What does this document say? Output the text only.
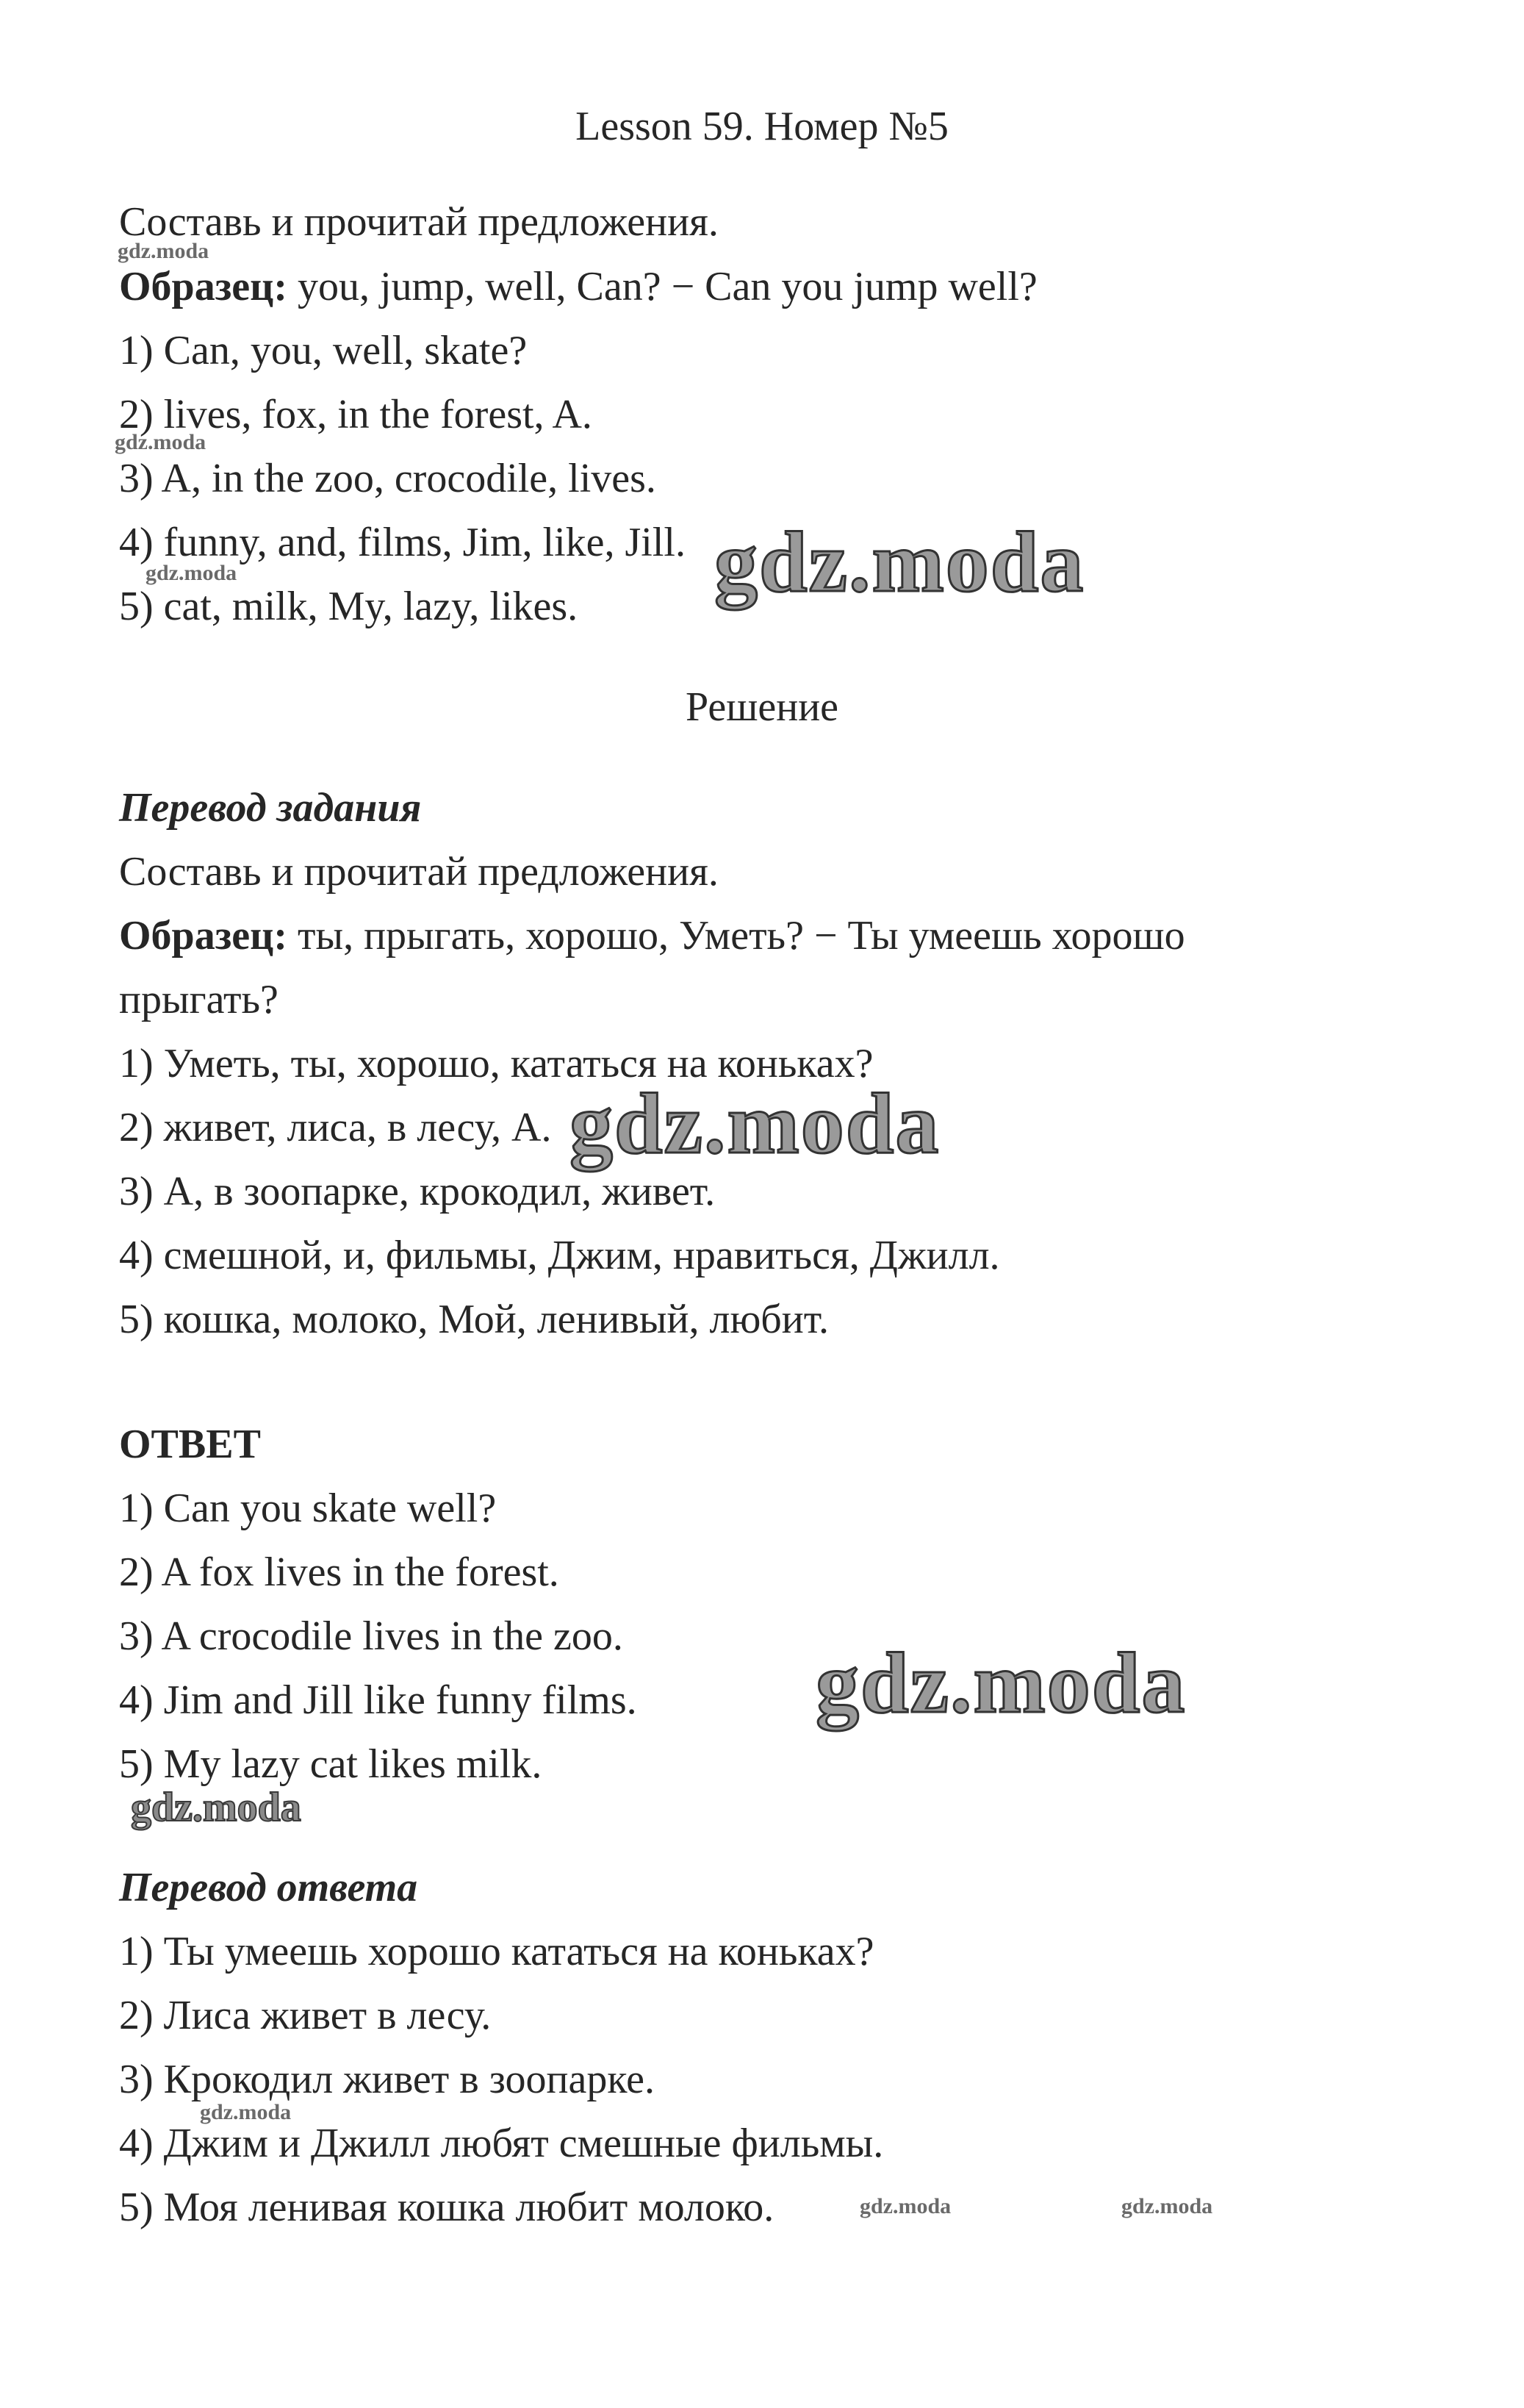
Lesson 59. Номер №5

Составь и прочитай предложения.

Образец: you, jump, well, Can? − Can you jump well?

1) Can, you, well, skate?

2) lives, fox, in the forest, A.

3) A, in the zoo, crocodile, lives.

4) funny, and, films, Jim, like, Jill.

5) cat, milk, My, lazy, likes.

Решение

Перевод задания

Составь и прочитай предложения.

Образец: ты, прыгать, хорошо, Уметь? − Ты умеешь хорошо

прыгать?

1) Уметь, ты, хорошо, кататься на коньках?

2) живет, лиса, в лесу, А.

3) А, в зоопарке, крокодил, живет.

4) смешной, и, фильмы, Джим, нравиться, Джилл.

5) кошка, молоко, Мой, ленивый, любит.

ОТВЕТ

1) Can you skate well?

2) A fox lives in the forest.

3) A crocodile lives in the zoo.

4) Jim and Jill like funny films.

5) My lazy cat likes milk.

Перевод ответа

1) Ты умеешь хорошо кататься на коньках?

2) Лиса живет в лесу.

3) Крокодил живет в зоопарке.

4) Джим и Джилл любят смешные фильмы.

5) Моя ленивая кошка любит молоко.

gdz.moda
gdz.moda
gdz.moda	gdz.moda
gdz.moda
gdz.moda
gdz.moda
gdz.moda
gdz.moda	gdz.moda
